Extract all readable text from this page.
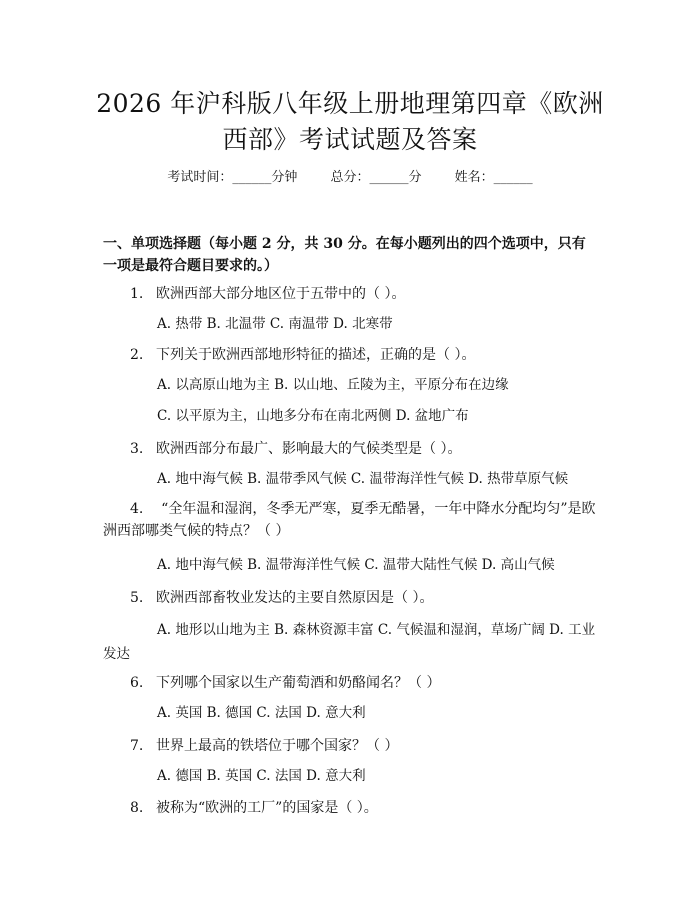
2026 年沪科版八年级上册地理第四章《欧洲
西部》考试试题及答案
考试时间：______分钟	总分：______分	姓名：______
一、单项选择题（每小题 2 分，共 30 分。在每小题列出的四个选项中，只有一项是最符合题目要求的。）
1. 欧洲西部大部分地区位于五带中的（ ）。
A. 热带 B. 北温带 C. 南温带 D. 北寒带
2. 下列关于欧洲西部地形特征的描述，正确的是（ ）。
A. 以高原山地为主 B. 以山地、丘陵为主，平原分布在边缘
C. 以平原为主，山地多分布在南北两侧 D. 盆地广布
3. 欧洲西部分布最广、影响最大的气候类型是（ ）。
A. 地中海气候 B. 温带季风气候 C. 温带海洋性气候 D. 热带草原气候
4. “全年温和湿润，冬季无严寒，夏季无酷暑，一年中降水分配均匀”是欧洲西部哪类气候的特点？（ ）
A. 地中海气候 B. 温带海洋性气候 C. 温带大陆性气候 D. 高山气候
5. 欧洲西部畜牧业发达的主要自然原因是（ ）。
A. 地形以山地为主 B. 森林资源丰富 C. 气候温和湿润，草场广阔 D. 工业发达
6. 下列哪个国家以生产葡萄酒和奶酪闻名？（ ）
A. 英国 B. 德国 C. 法国 D. 意大利
7. 世界上最高的铁塔位于哪个国家？（ ）
A. 德国 B. 英国 C. 法国 D. 意大利
8. 被称为“欧洲的工厂”的国家是（ ）。
